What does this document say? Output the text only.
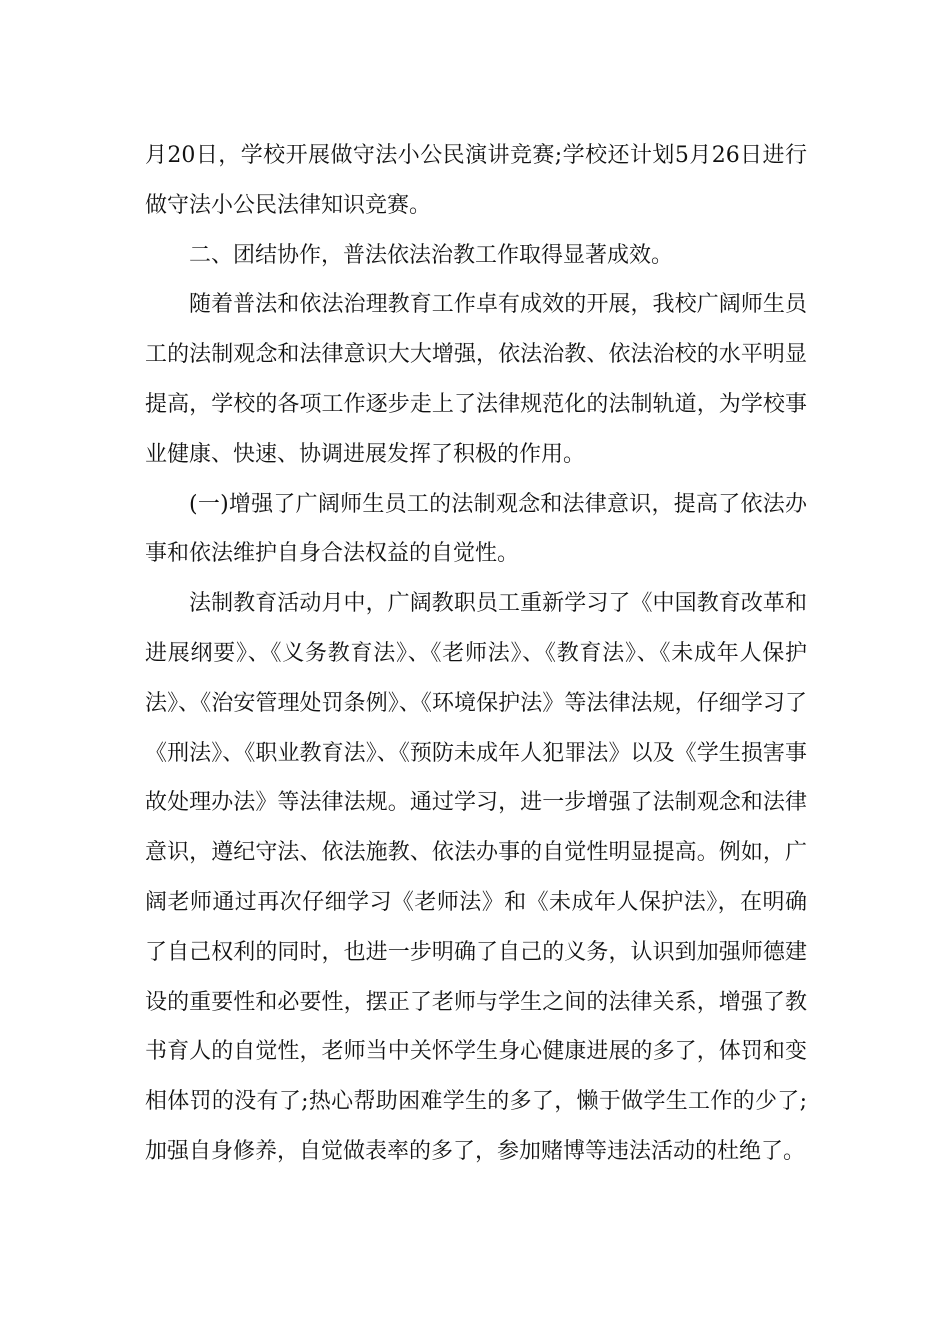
月20日，学校开展做守法小公民演讲竞赛;学校还计划5月26日进行做守法小公民法律知识竞赛。

二、团结协作，普法依法治教工作取得显著成效。

随着普法和依法治理教育工作卓有成效的开展，我校广阔师生员工的法制观念和法律意识大大增强，依法治教、依法治校的水平明显提高，学校的各项工作逐步走上了法律规范化的法制轨道，为学校事业健康、快速、协调进展发挥了积极的作用。

(一)增强了广阔师生员工的法制观念和法律意识，提高了依法办事和依法维护自身合法权益的自觉性。

法制教育活动月中，广阔教职员工重新学习了《中国教育改革和进展纲要》、《义务教育法》、《老师法》、《教育法》、《未成年人保护法》、《治安管理处罚条例》、《环境保护法》等法律法规，仔细学习了《刑法》、《职业教育法》、《预防未成年人犯罪法》以及《学生损害事故处理办法》等法律法规。通过学习，进一步增强了法制观念和法律意识，遵纪守法、依法施教、依法办事的自觉性明显提高。例如，广阔老师通过再次仔细学习《老师法》和《未成年人保护法》，在明确了自己权利的同时，也进一步明确了自己的义务，认识到加强师德建设的重要性和必要性，摆正了老师与学生之间的法律关系，增强了教书育人的自觉性，老师当中关怀学生身心健康进展的多了，体罚和变相体罚的没有了;热心帮助困难学生的多了，懒于做学生工作的少了;加强自身修养，自觉做表率的多了，参加赌博等违法活动的杜绝了。
